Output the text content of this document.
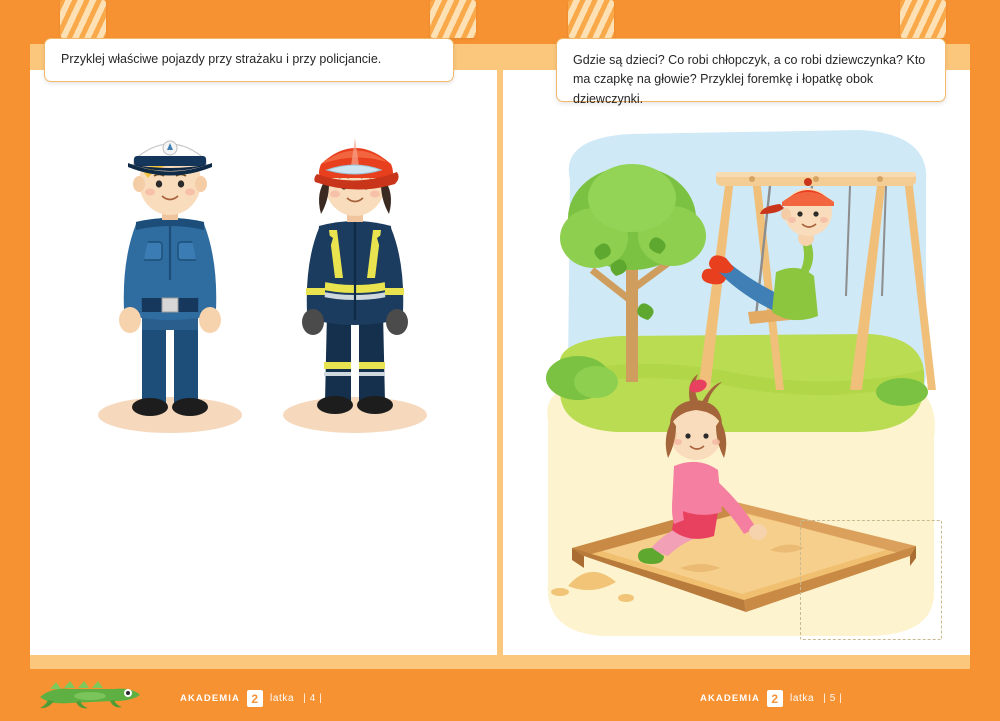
Przyklej właściwe pojazdy przy strażaku i przy policjancie.	Gdzie są dzieci? Co robi chłopczyk, a co robi dziewczynka? Kto ma czapkę na głowie? Przyklej foremkę i łopatkę obok dziewczynki.
AKADEMIA 2	latka | 4 |	AKADEMIA 2	latka | 5 |
